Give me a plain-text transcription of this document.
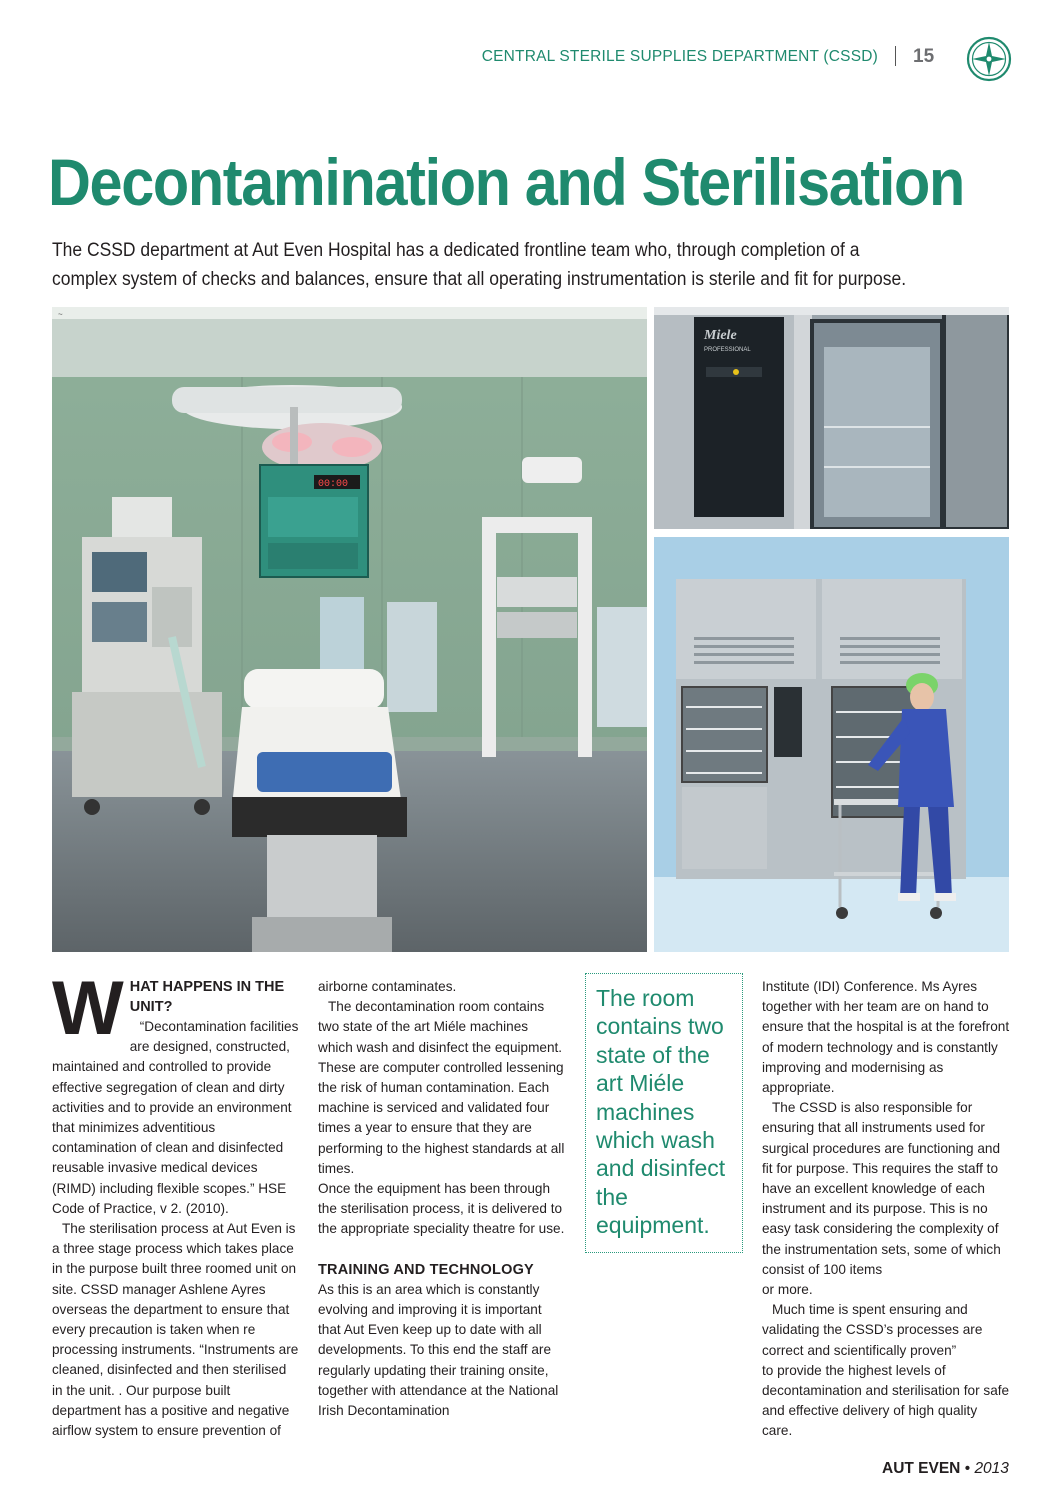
CENTRAL STERILE SUPPLIES DEPARTMENT (CSSD) 15
Decontamination and Sterilisation

The CSSD department at Aut Even Hospital has a dedicated frontline team who, through completion of a complex system of checks and balances, ensure that all operating instrumentation is sterile and fit for purpose.

00:00
~
Miele
PROFESSIONAL
W HAT HAPPENS IN THE UNIT?

“Decontamination facilities are designed, constructed, maintained and controlled to provide effective segregation of clean and dirty activities and to provide an environment that minimizes adventitious contamination of clean and disinfected reusable invasive medical devices (RIMD) including flexible scopes.” HSE Code of Practice, v 2. (2010).

The sterilisation process at Aut Even is a three stage process which takes place in the purpose built three roomed unit on site. CSSD manager Ashlene Ayres overseas the department to ensure that every precaution is taken when re processing instruments. “Instruments are cleaned, disinfected and then sterilised in the unit. . Our purpose built department has a positive and negative airflow system to ensure prevention of

airborne contaminates.

The decontamination room contains two state of the art Miéle machines which wash and disinfect the equipment. These are computer controlled lessening the risk of human contamination. Each machine is serviced and validated four times a year to ensure that they are performing to the highest standards at all times.

Once the equipment has been through the sterilisation process, it is delivered to the appropriate speciality theatre for use.

TRAINING AND TECHNOLOGY

As this is an area which is constantly evolving and improving it is important that Aut Even keep up to date with all developments. To this end the staff are regularly updating their training onsite, together with attendance at the National Irish Decontamination

The room contains two state of the art Miéle machines which wash and disinfect the equipment.

Institute (IDI) Conference. Ms Ayres together with her team are on hand to ensure that the hospital is at the forefront of modern technology and is constantly improving and modernising as appropriate.

The CSSD is also responsible for ensuring that all instruments used for surgical procedures are functioning and fit for purpose. This requires the staff to have an excellent knowledge of each instrument and its purpose. This is no easy task considering the complexity of the instrumentation sets, some of which consist of 100 items

or more.

Much time is spent ensuring and validating the CSSD’s processes are correct and scientifically proven”

to provide the highest levels of decontamination and sterilisation for safe and effective delivery of high quality care.

AUT EVEN • 2013
